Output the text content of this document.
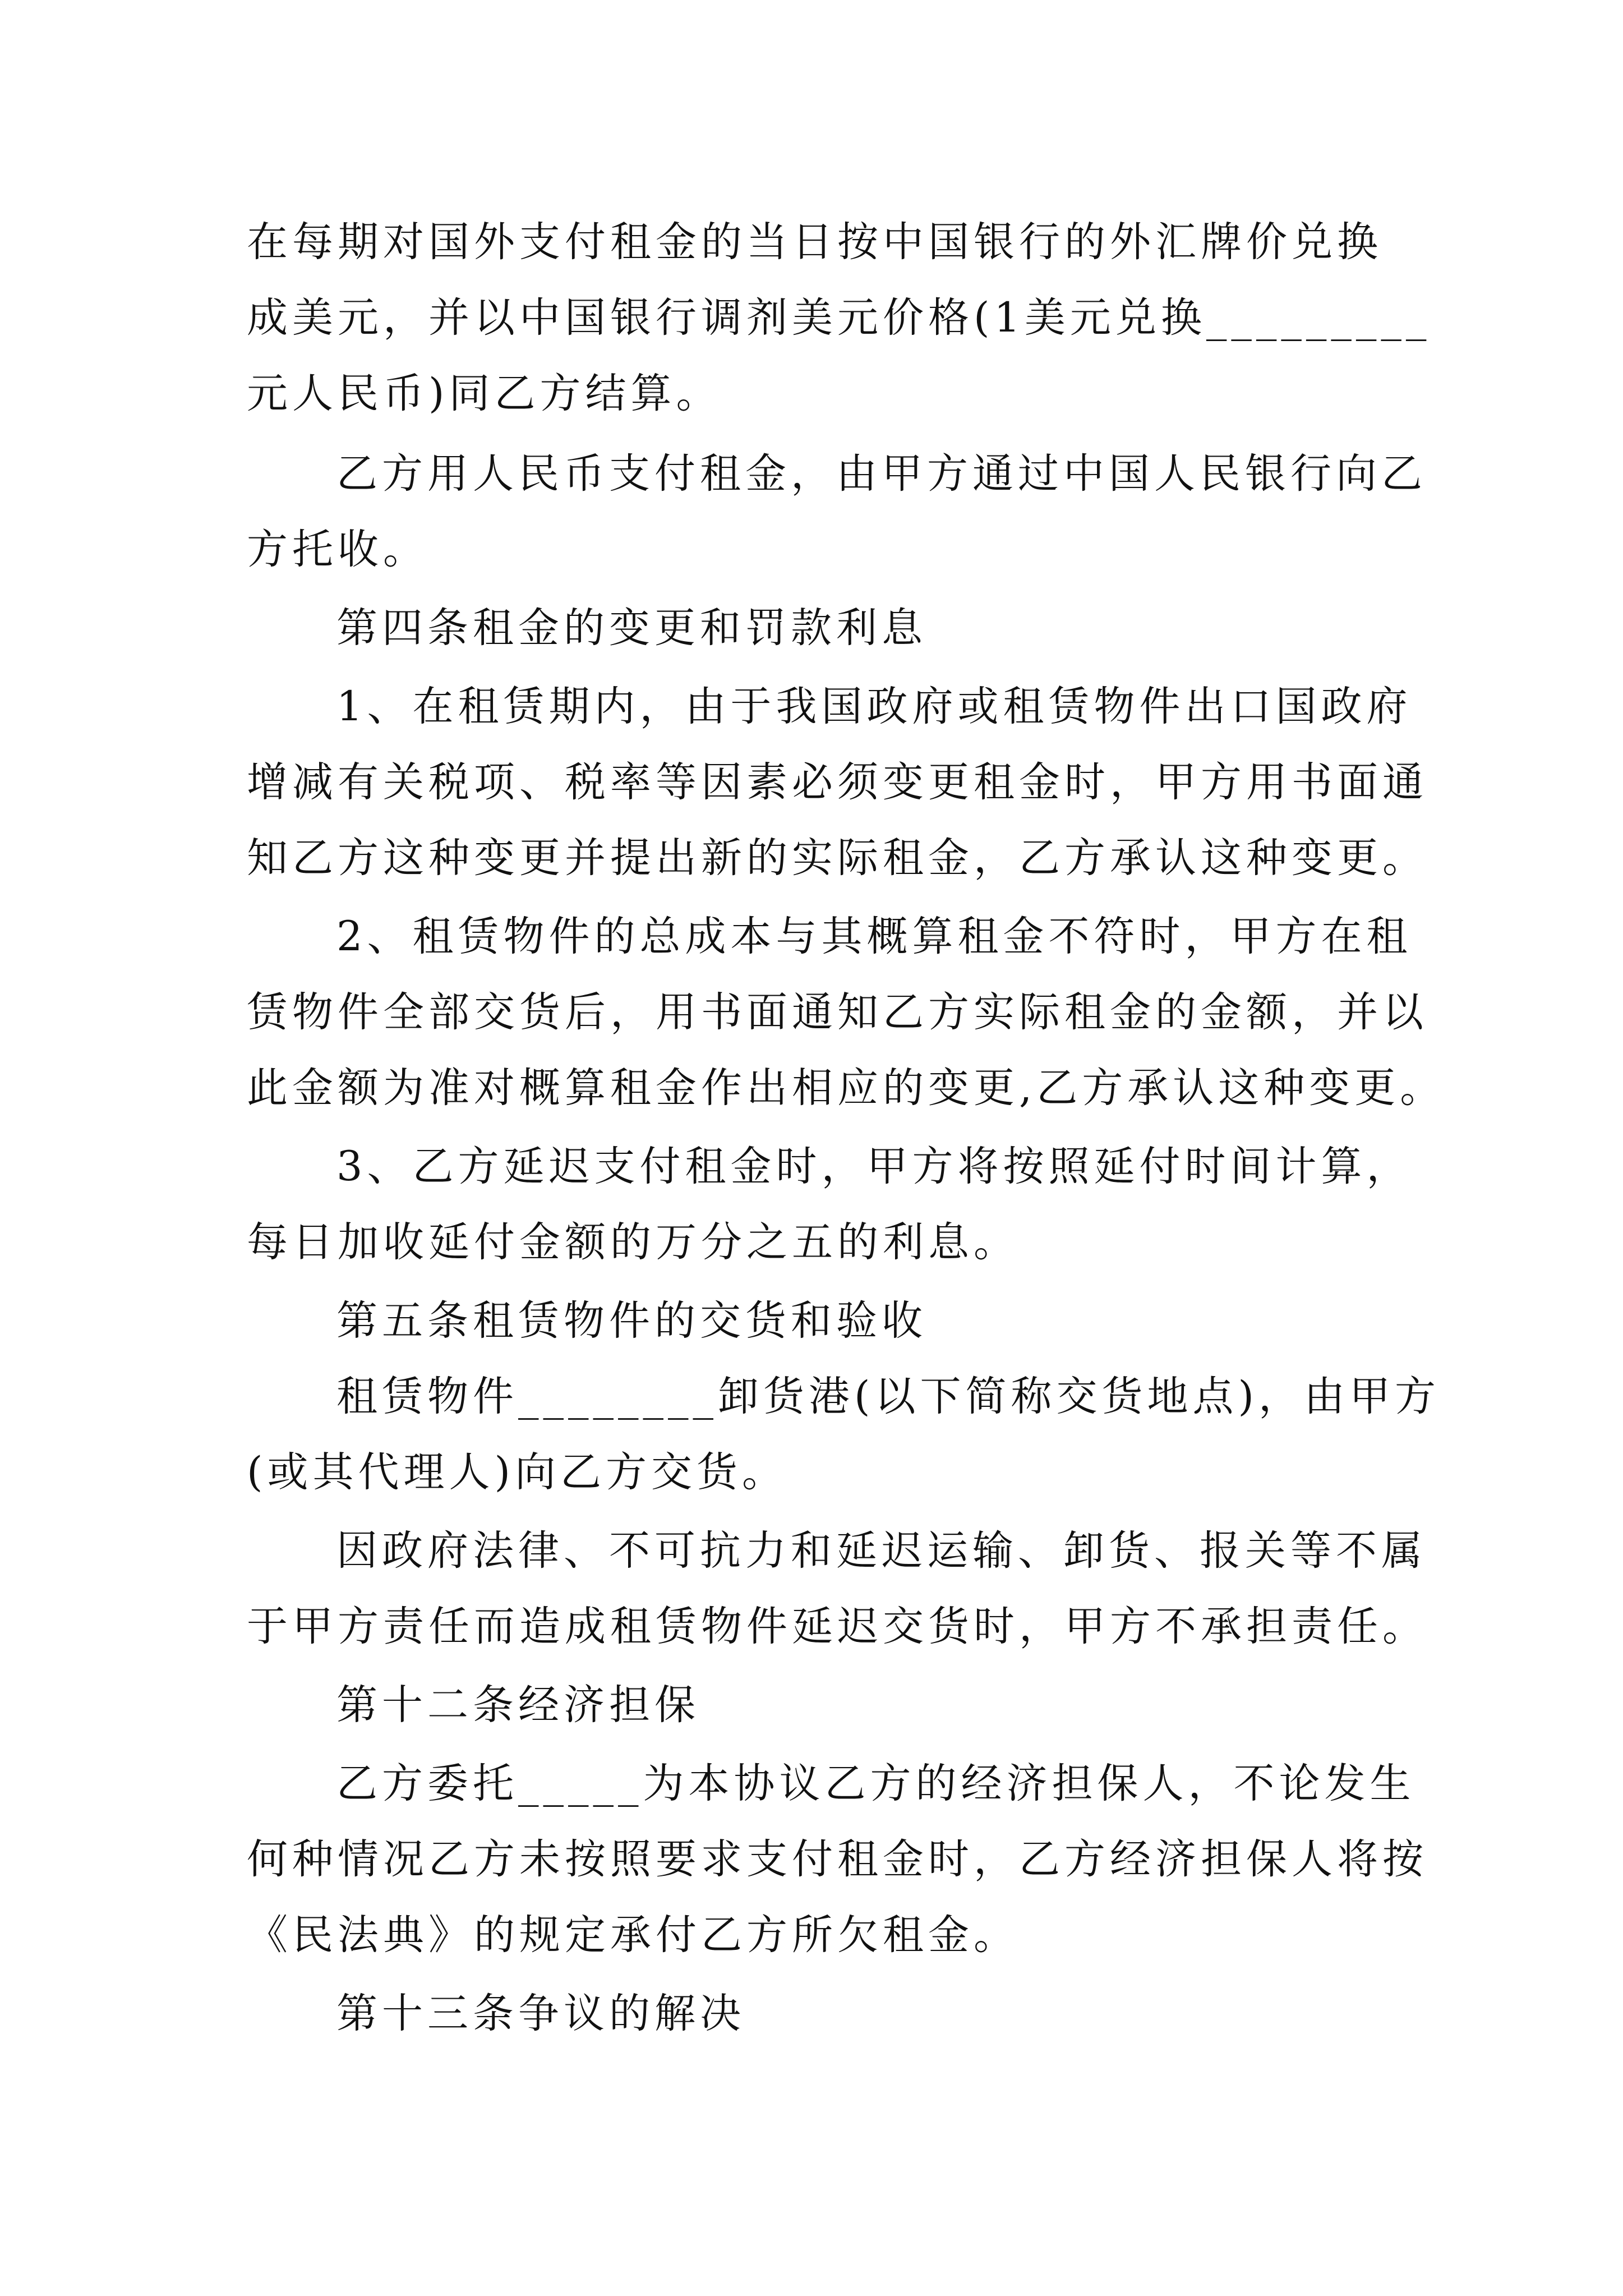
在每期对国外支付租金的当日按中国银行的外汇牌价兑换
成美元，并以中国银行调剂美元价格(1美元兑换_________
元人民币)同乙方结算。
乙方用人民币支付租金，由甲方通过中国人民银行向乙
方托收。
第四条租金的变更和罚款利息
1、在租赁期内，由于我国政府或租赁物件出口国政府
增减有关税项、税率等因素必须变更租金时，甲方用书面通
知乙方这种变更并提出新的实际租金，乙方承认这种变更。
2、租赁物件的总成本与其概算租金不符时，甲方在租
赁物件全部交货后，用书面通知乙方实际租金的金额，并以
此金额为准对概算租金作出相应的变更,乙方承认这种变更。
3、乙方延迟支付租金时，甲方将按照延付时间计算，
每日加收延付金额的万分之五的利息。
第五条租赁物件的交货和验收
租赁物件________卸货港(以下简称交货地点)，由甲方
(或其代理人)向乙方交货。
因政府法律、不可抗力和延迟运输、卸货、报关等不属
于甲方责任而造成租赁物件延迟交货时，甲方不承担责任。
第十二条经济担保
乙方委托_____为本协议乙方的经济担保人，不论发生
何种情况乙方未按照要求支付租金时，乙方经济担保人将按
《民法典》的规定承付乙方所欠租金。
第十三条争议的解决
